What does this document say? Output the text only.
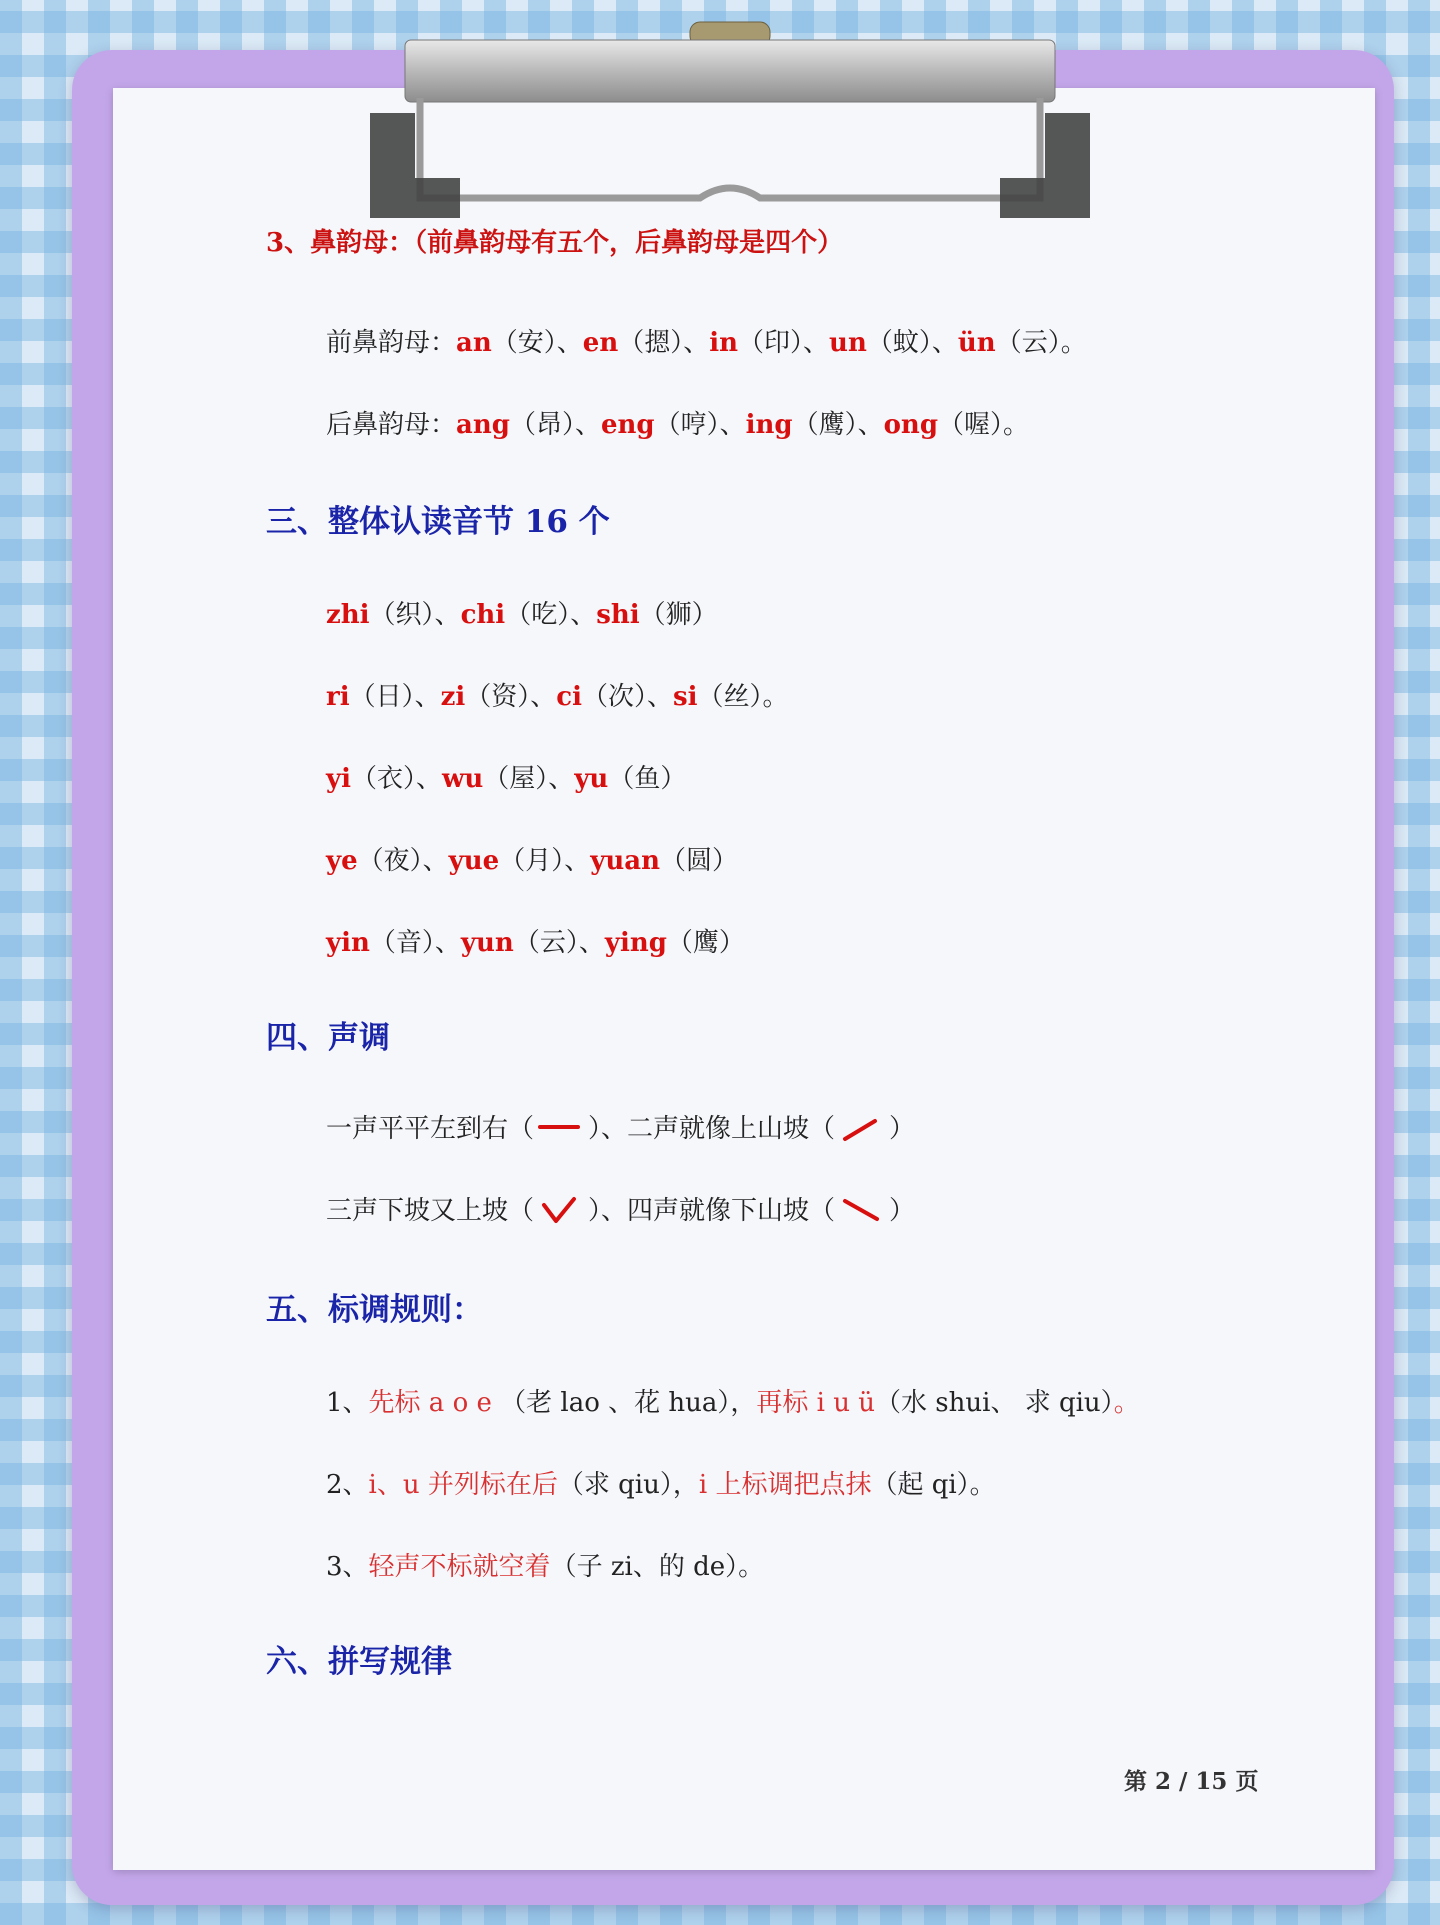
3、鼻韵母：（前鼻韵母有五个，后鼻韵母是四个）
前鼻韵母：an（安）、en（摁）、in（印）、un（蚊）、ün（云）。
后鼻韵母：ang（昂）、eng（哼）、ing（鹰）、ong（喔）。
三、整体认读音节 16 个
zhi（织）、chi（吃）、shi（狮）
ri（日）、zi（资）、ci（次）、si（丝）。
yi（衣）、wu（屋）、yu（鱼）
ye（夜）、yue（月）、yuan（圆）
yin（音）、yun（云）、ying（鹰）
四、声调
一声平平左到右（ ）、二声就像上山坡（ ）
三声下坡又上坡（ ）、四声就像下山坡（ ）
五、标调规则：
1、先标 a o e （老 lao 、花 hua），再标 i u ü（水 shui、 求 qiu）。
2、i、u 并列标在后（求 qiu），i 上标调把点抹（起 qi）。
3、轻声不标就空着（子 zi、的 de）。
六、拼写规律
第 2 / 15 页
